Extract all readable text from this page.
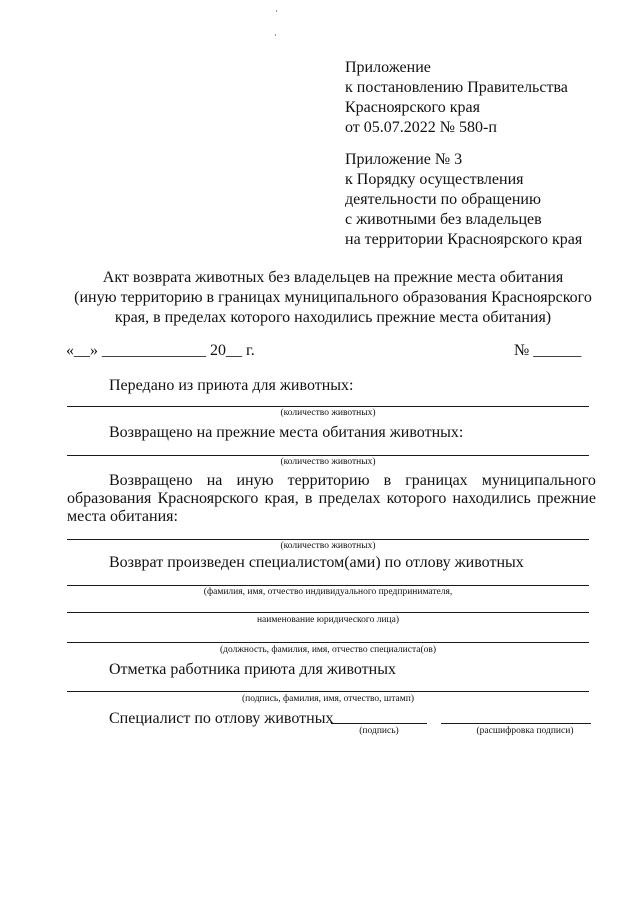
Приложение
к постановлению Правительства
Красноярского края
от 05.07.2022 № 580-п
Приложение № 3
к Порядку осуществления
деятельности по обращению
с животными без владельцев
на территории Красноярского края
Акт возврата животных без владельцев на прежние места обитания
(иную территорию в границах муниципального образования Красноярского
края, в пределах которого находились прежние места обитания)
«__» _____________ 20__ г.	№ ______
Передано из приюта для животных:
(количество животных)
Возвращено на прежние места обитания животных:
(количество животных)
Возвращено на иную территорию в границах муниципального
образования Красноярского края, в пределах которого находились прежние
места обитания:
(количество животных)
Возврат произведен специалистом(ами) по отлову животных
(фамилия, имя, отчество индивидуального предпринимателя,
наименование юридического лица)
(должность, фамилия, имя, отчество специалиста(ов)
Отметка работника приюта для животных
(подпись, фамилия, имя, отчество, штамп)
Специалист по отлову животных
(подпись)	(расшифровка подписи)
